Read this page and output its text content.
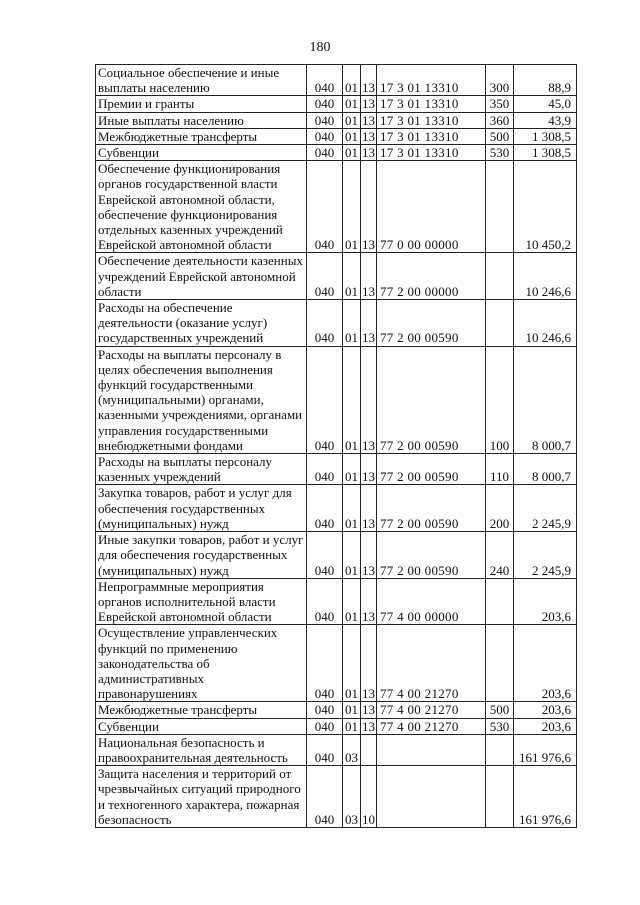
180
Социальное обеспечение и иные выплаты населению	040	01	13	17 3 01 13310	300	88,9
Премии и гранты	040	01	13	17 3 01 13310	350	45,0
Иные выплаты населению	040	01	13	17 3 01 13310	360	43,9
Межбюджетные трансферты	040	01	13	17 3 01 13310	500	1 308,5
Субвенции	040	01	13	17 3 01 13310	530	1 308,5
Обеспечение функционирования органов государственной власти Еврейской автономной области, обеспечение функционирования отдельных казенных учреждений Еврейской автономной области	040	01	13	77 0 00 00000		10 450,2
Обеспечение деятельности казенных учреждений Еврейской автономной области	040	01	13	77 2 00 00000		10 246,6
Расходы на обеспечение деятельности (оказание услуг) государственных учреждений	040	01	13	77 2 00 00590		10 246,6
Расходы на выплаты персоналу в целях обеспечения выполнения функций государственными (муниципальными) органами, казенными учреждениями, органами управления государственными внебюджетными фондами	040	01	13	77 2 00 00590	100	8 000,7
Расходы на выплаты персоналу казенных учреждений	040	01	13	77 2 00 00590	110	8 000,7
Закупка товаров, работ и услуг для обеспечения государственных (муниципальных) нужд	040	01	13	77 2 00 00590	200	2 245,9
Иные закупки товаров, работ и услуг для обеспечения государственных (муниципальных) нужд	040	01	13	77 2 00 00590	240	2 245,9
Непрограммные мероприятия органов исполнительной власти Еврейской автономной области	040	01	13	77 4 00 00000		203,6
Осуществление управленческих функций по применению законодательства об административных правонарушениях	040	01	13	77 4 00 21270		203,6
Межбюджетные трансферты	040	01	13	77 4 00 21270	500	203,6
Субвенции	040	01	13	77 4 00 21270	530	203,6
Национальная безопасность и правоохранительная деятельность	040	03				161 976,6
Защита населения и территорий от чрезвычайных ситуаций природного и техногенного характера, пожарная безопасность	040	03	10			161 976,6
